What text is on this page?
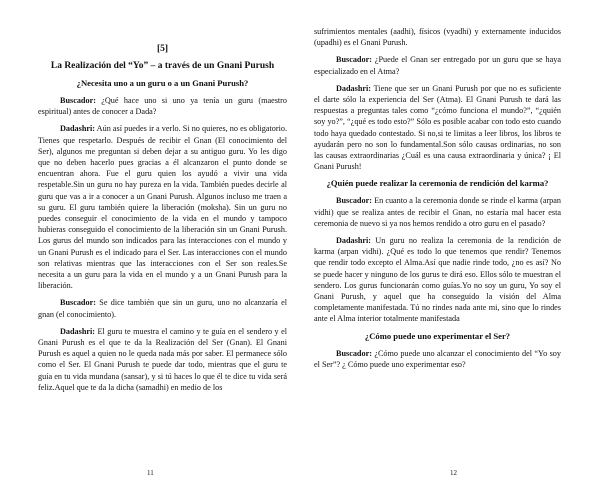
[5]
La Realización del “Yo” – a través de un Gnani Purush
¿Necesita uno a un guru o a un Gnani Purush?

Buscador: ¿Qué hace uno si uno ya tenía un guru (maestro espiritual) antes de conocer a Dada?

Dadashri: Aún así puedes ir a verlo. Si no quieres, no es obligatorio. Tienes que respetarlo. Después de recibir el Gnan (El conocimiento del Ser), algunos me preguntan si deben dejar a su antiguo guru. Yo les digo que no deben hacerlo pues gracias a él alcanzaron el punto donde se encuentran ahora. Fue el guru quien los ayudó a vivir una vida respetable.Sin un guru no hay pureza en la vida. También puedes decirle al guru que vas a ir a conocer a un Gnani Purush. Algunos incluso me traen a su guru. El guru también quiere la liberación (moksha). Sin un guru no puedes conseguir el conocimiento de la vida en el mundo y tampoco hubieras conseguido el conocimiento de la liberación sin un Gnani Purush. Los gurus del mundo son indicados para las interacciones con el mundo y un Gnani Purush es el indicado para el Ser. Las interacciones con el mundo son relativas mientras que las interacciones con el Ser son reales.Se necesita a un guru para la vida en el mundo y a un Gnani Purush para la liberación.

Buscador: Se dice también que sin un guru, uno no alcanzaría el gnan (el conocimiento).

Dadashri: El guru te muestra el camino y te guía en el sendero y el Gnani Purush es el que te da la Realización del Ser (Gnan). El Gnani Purush es aquel a quien no le queda nada más por saber. El permanece sólo como el Ser. El Gnani Purush te puede dar todo, mientras que el guru te guía en tu vida mundana (sansar), y si tú haces lo que él te dice tu vida será feliz.Aquel que te da la dicha (samadhi) en medio de los

11

sufrimientos mentales (aadhi), físicos (vyadhi) y externamente inducidos (upadhi) es el Gnani Purush.

Buscador: ¿Puede el Gnan ser entregado por un guru que se haya especializado en el Atma?

Dadashri: Tiene que ser un Gnani Purush por que no es suficiente el darte sólo la experiencia del Ser (Atma). El Gnani Purush te dará las respuestas a preguntas tales como “¿cómo funciona el mundo?”, “¿quién soy yo?”, “¿qué es todo esto?” Sólo es posible acabar con todo esto cuando todo haya quedado contestado. Si no,si te limitas a leer libros, los libros te ayudarán pero no son lo fundamental.Son sólo causas ordinarias, no son las causas extraordinarias ¿Cuál es una causa extraordinaria y única? ¡ El Gnani Purush!

¿Quién puede realizar la ceremonia de rendición del karma?

Buscador: En cuanto a la ceremonia donde se rinde el karma (arpan vidhi) que se realiza antes de recibir el Gnan, no estaría mal hacer esta ceremonia de nuevo si ya nos hemos rendido a otro guru en el pasado?

Dadashri: Un guru no realiza la ceremonia de la rendición de karma (arpan vidhi). ¿Qué es todo lo que tenemos que rendir? Tenemos que rendir todo excepto el Alma.Así que nadie rinde todo, ¿no es así? No se puede hacer y ninguno de los gurus te dirá eso. Ellos sólo te muestran el sendero. Los gurus funcionarán como guías.Yo no soy un guru, Yo soy el Gnani Purush, y aquel que ha conseguido la visión del Alma completamente manifestada. Tú no rindes nada ante mi, sino que lo rindes ante el Alma interior totalmente manifestada

¿Cómo puede uno experimentar el Ser?

Buscador: ¿Cómo puede uno alcanzar el conocimiento del “Yo soy el Ser”? ¿ Cómo puede uno experimentar eso?

12
